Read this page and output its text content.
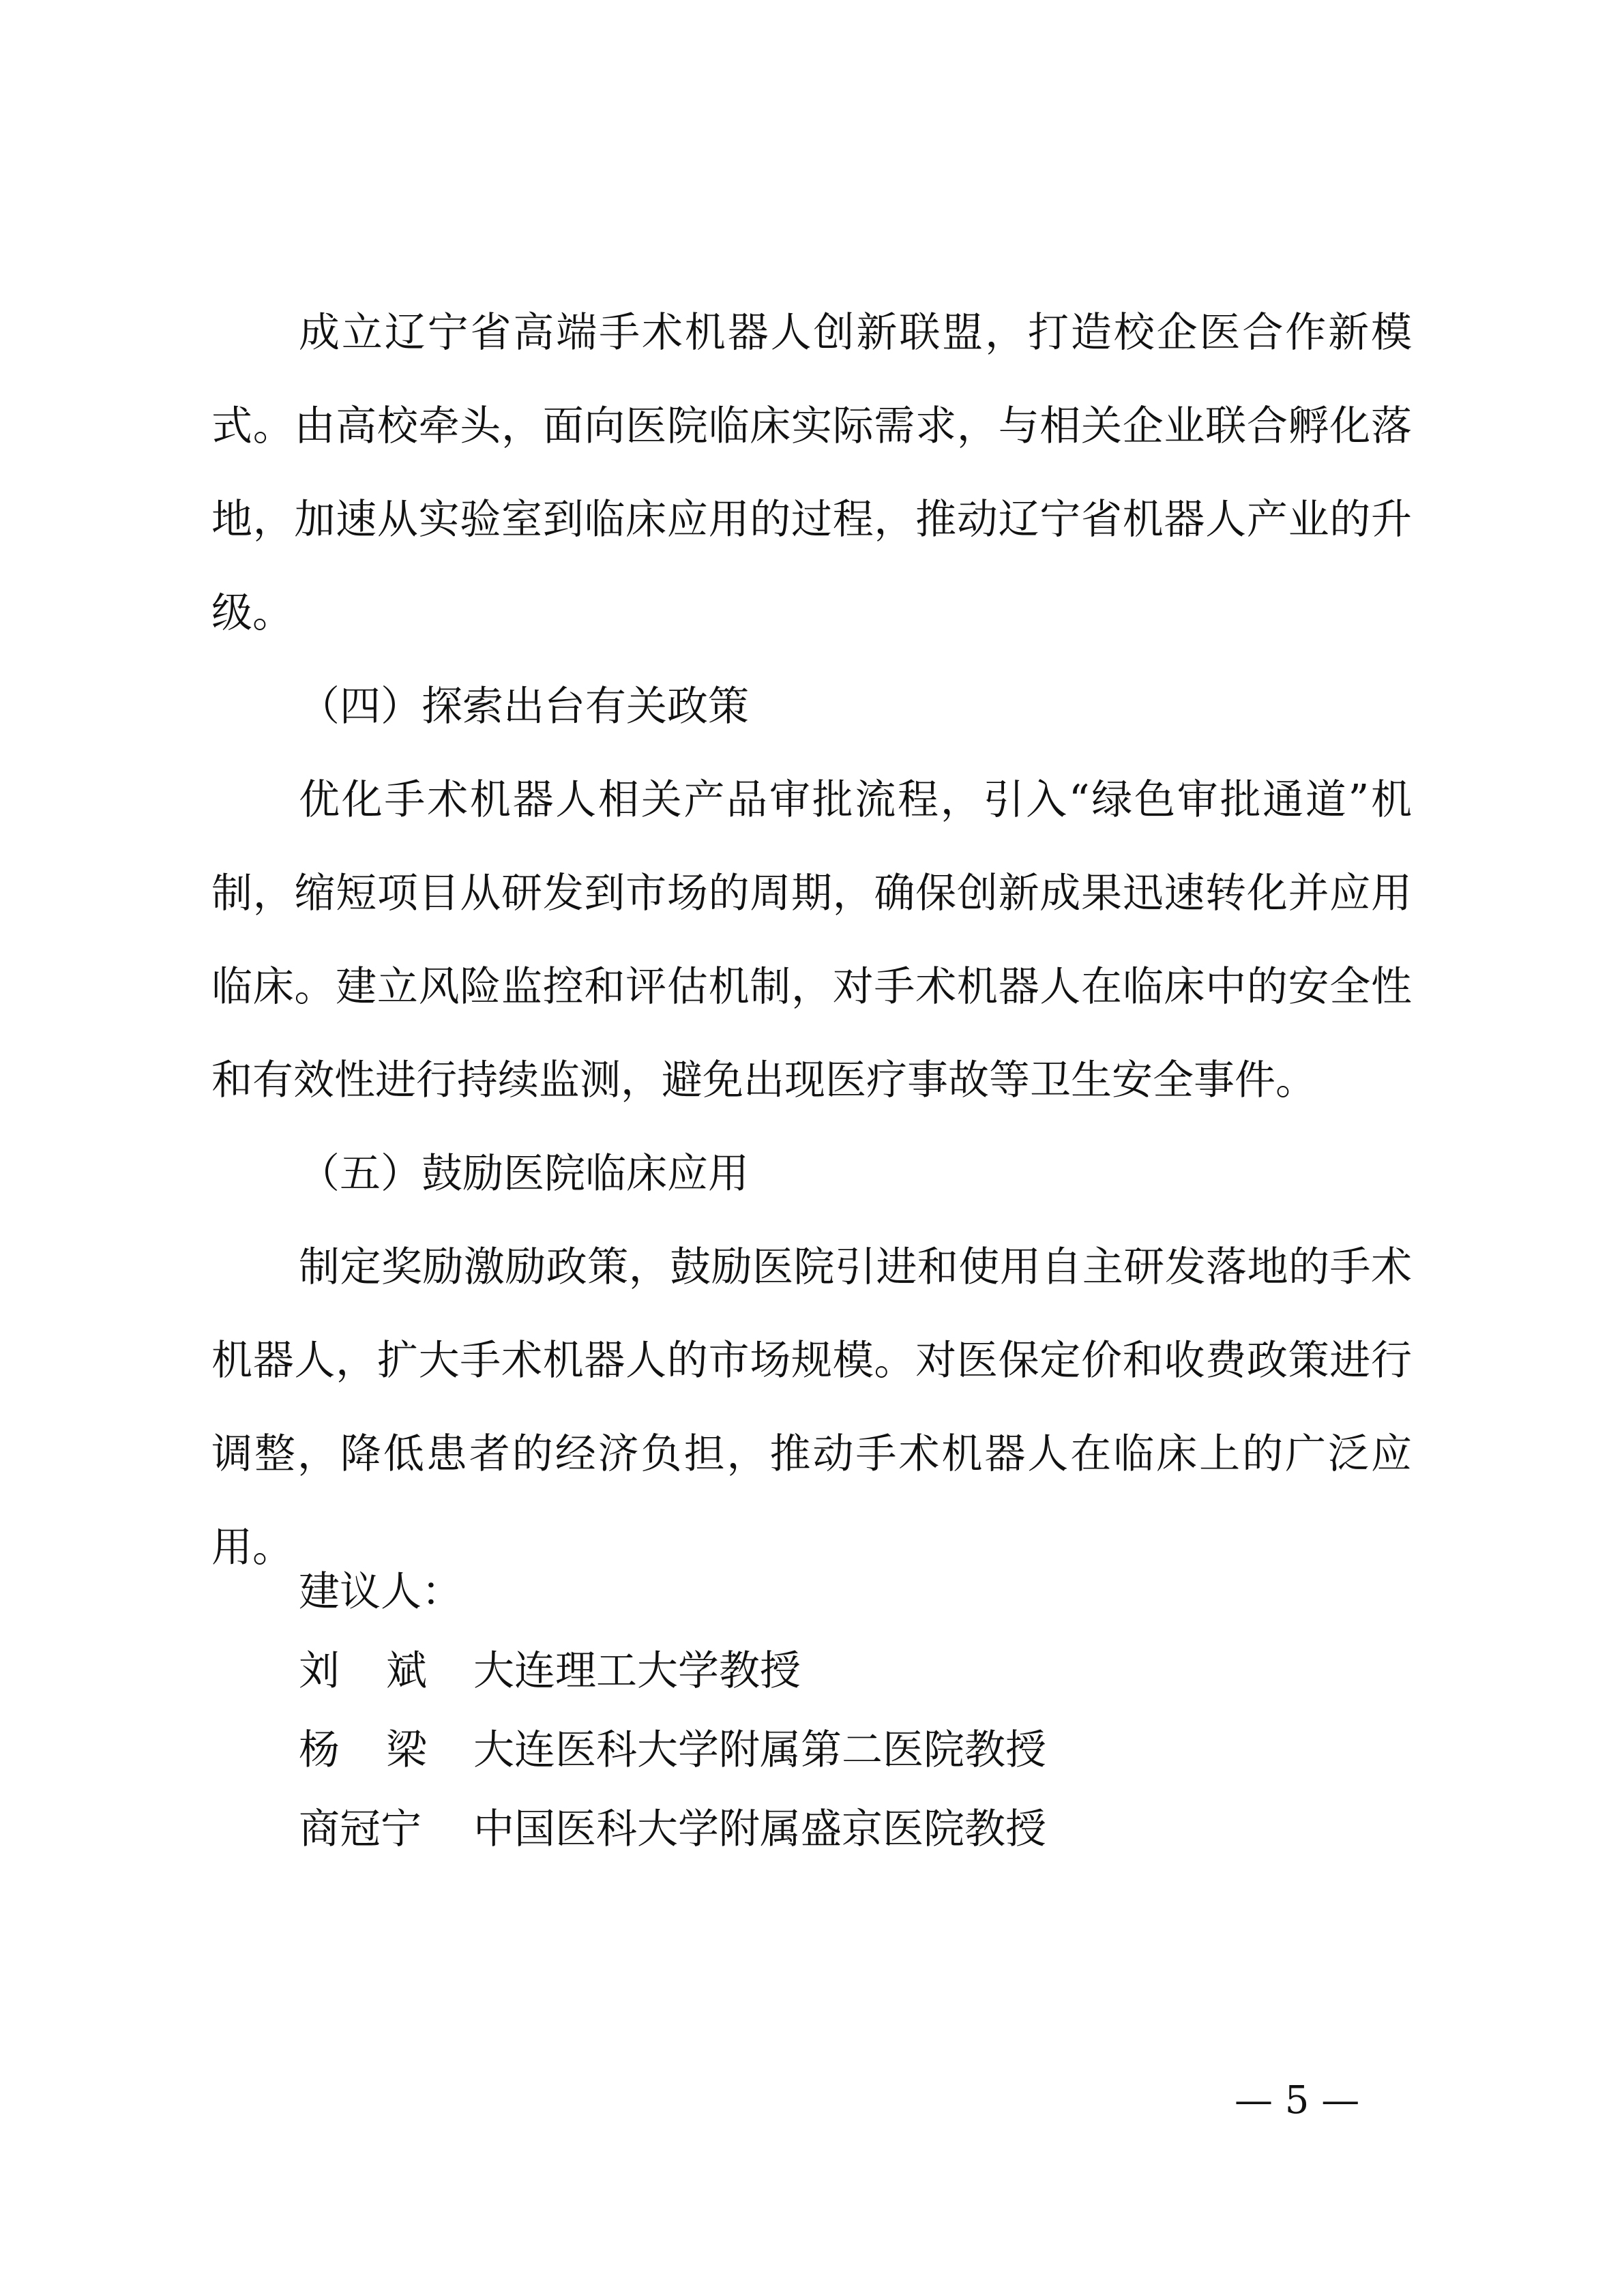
成立辽宁省高端手术机器人创新联盟，打造校企医合作新模式。由高校牵头，面向医院临床实际需求，与相关企业联合孵化落地，加速从实验室到临床应用的过程，推动辽宁省机器人产业的升级。

（四）探索出台有关政策

优化手术机器人相关产品审批流程，引入“绿色审批通道”机制，缩短项目从研发到市场的周期，确保创新成果迅速转化并应用临床。建立风险监控和评估机制，对手术机器人在临床中的安全性和有效性进行持续监测，避免出现医疗事故等卫生安全事件。

（五）鼓励医院临床应用

制定奖励激励政策，鼓励医院引进和使用自主研发落地的手术机器人，扩大手术机器人的市场规模。对医保定价和收费政策进行调整，降低患者的经济负担，推动手术机器人在临床上的广泛应用。

建议人：

刘斌 大连理工大学教授
杨梁 大连医科大学附属第二医院教授
商冠宁	中国医科大学附属盛京医院教授
— 5 —
